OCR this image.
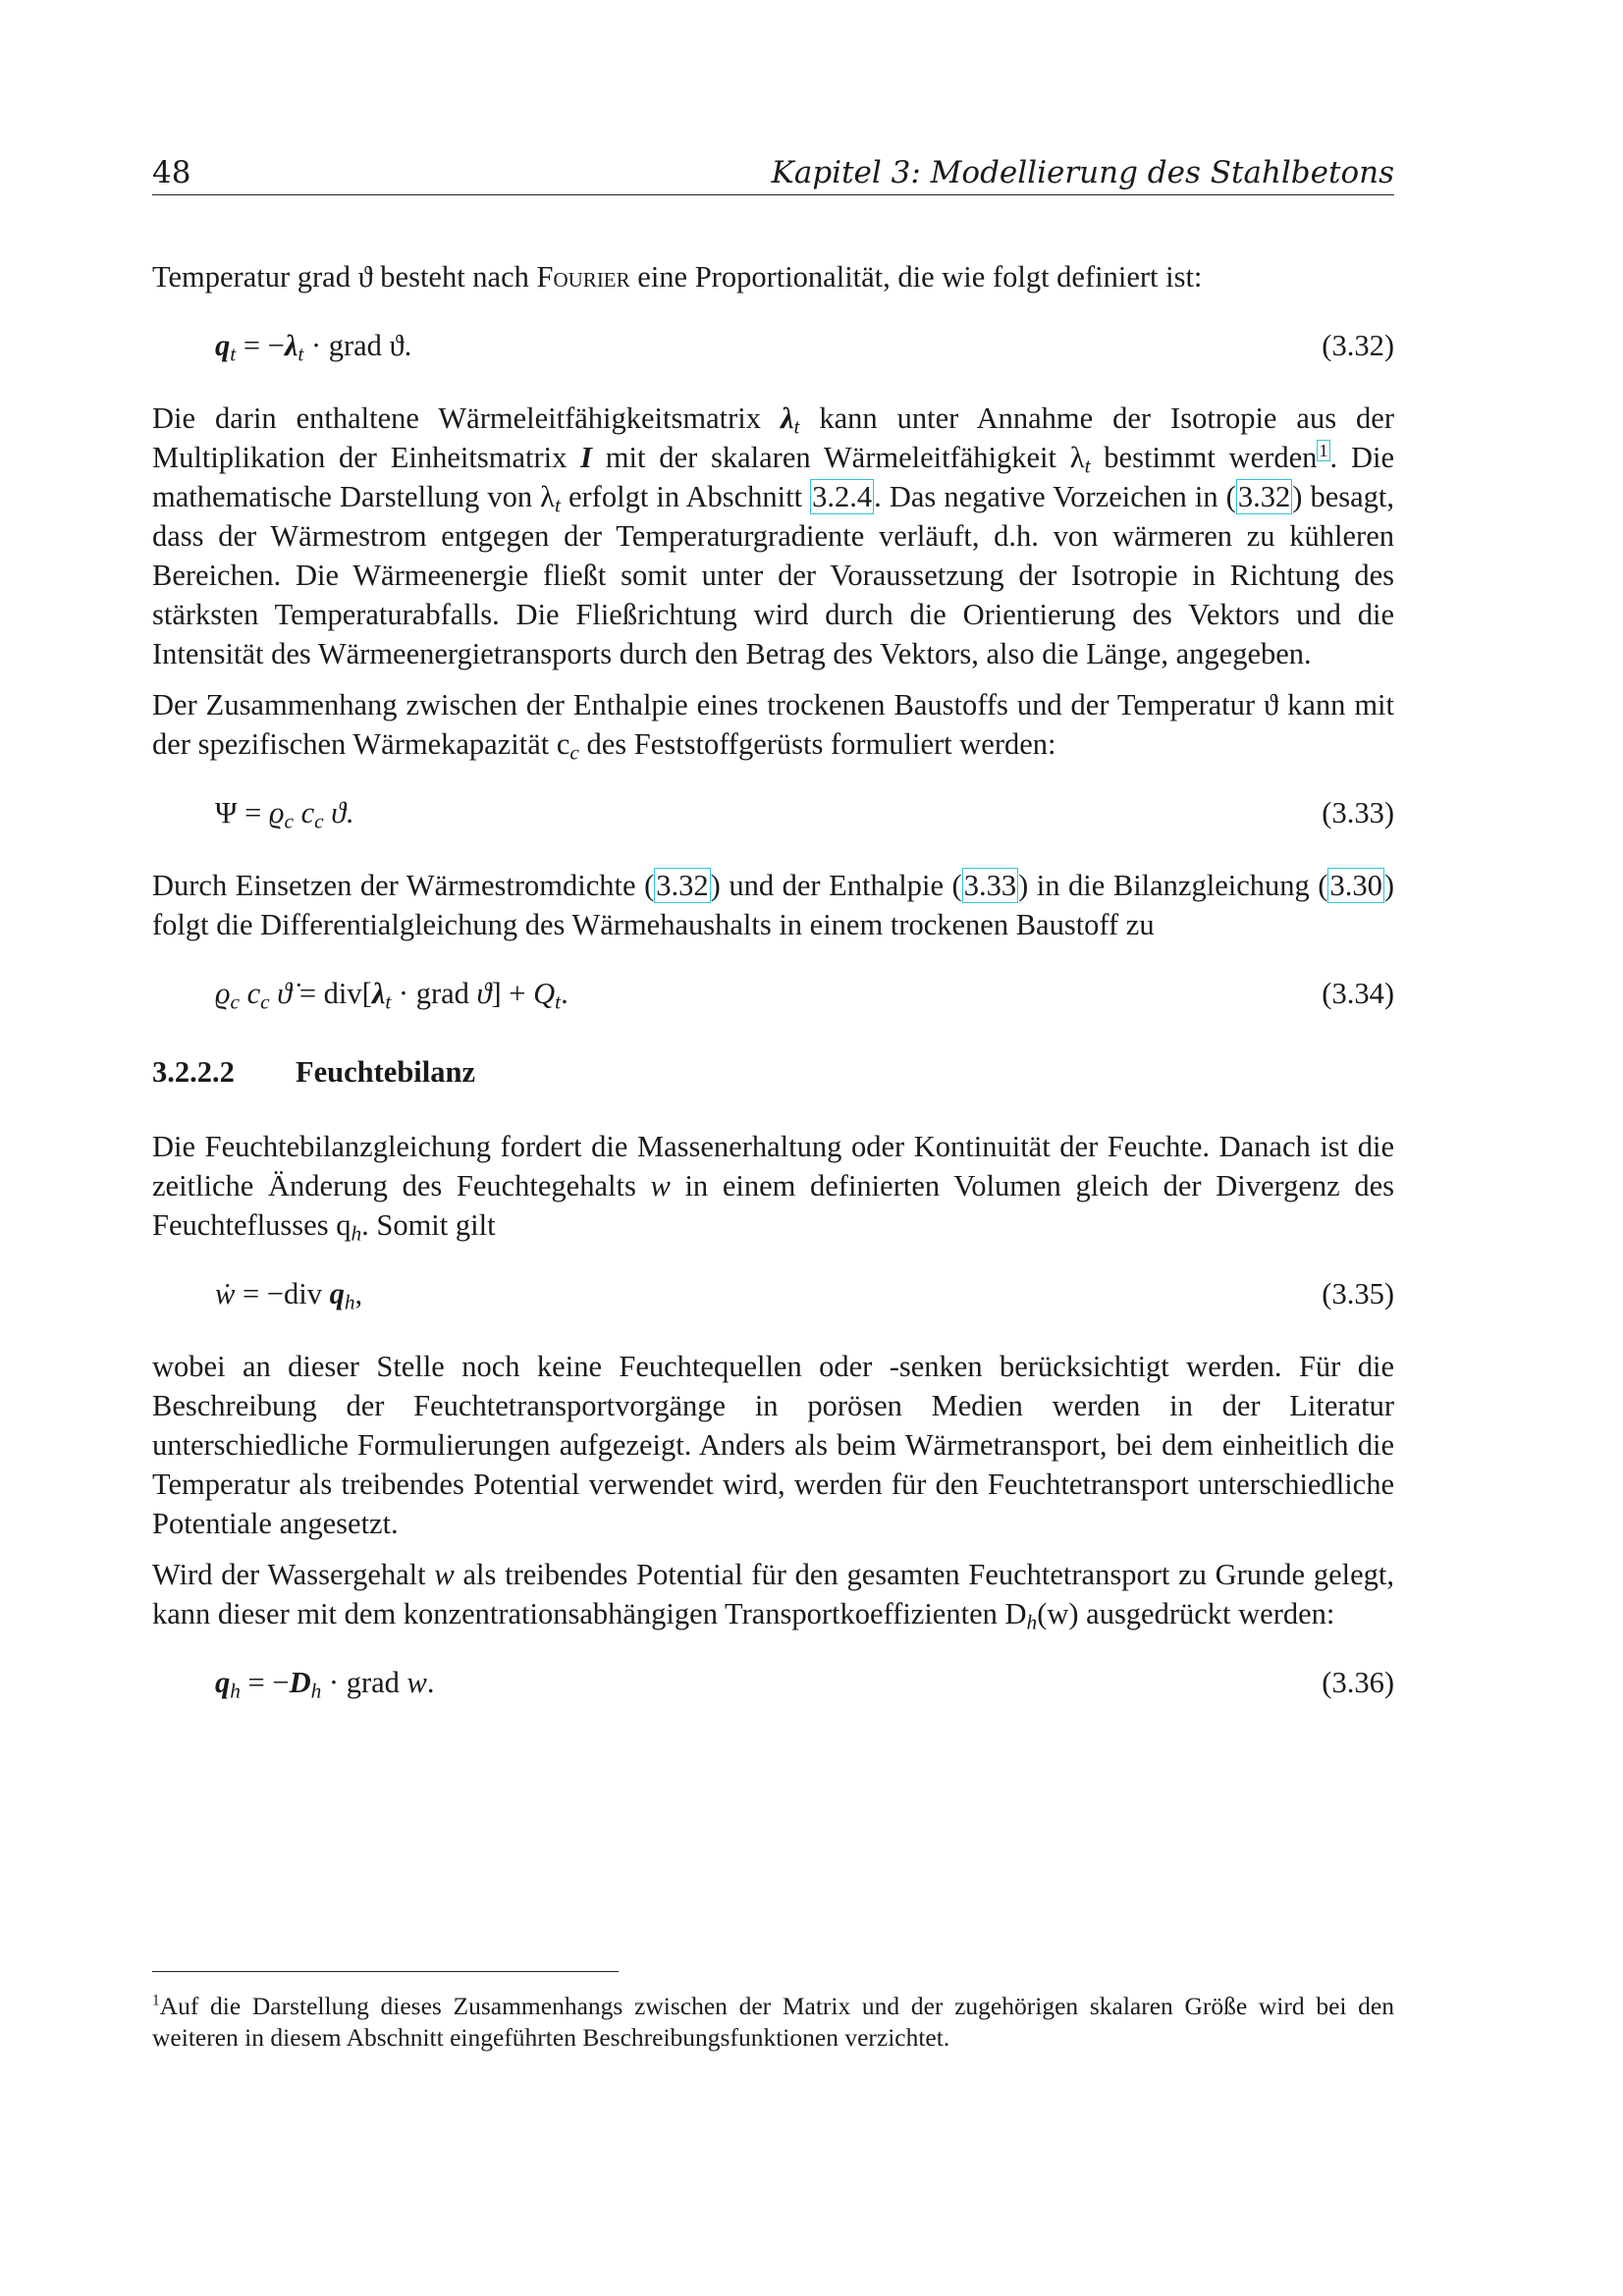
48	Kapitel 3: Modellierung des Stahlbetons

Temperatur grad ϑ besteht nach Fourier eine Proportionalität, die wie folgt definiert ist:

$q_t = -\lambda_t$ · grad ϑ.	(3.32)

Die darin enthaltene Wärmeleitfähigkeitsmatrix $\lambda_t$ kann unter Annahme der Isotropie aus der Multiplikation der Einheitsmatrix I mit der skalaren Wärmeleitfähigkeit $\lambda_t$ bestimmt werden $^1$. Die mathematische Darstellung von $\lambda_t$ erfolgt in Abschnitt 3.2.4. Das negative Vorzeichen in (3.32) besagt, dass der Wärmestrom entgegen der Temperaturgradiente verläuft, d.h. von wärmeren zu kühleren Bereichen. Die Wärmeenergie fließt somit unter der Voraussetzung der Isotropie in Richtung des stärksten Temperaturabfalls. Die Fließrichtung wird durch die Orientierung des Vektors und die Intensität des Wärmeenergietransports durch den Betrag des Vektors, also die Länge, angegeben.

Der Zusammenhang zwischen der Enthalpie eines trockenen Baustoffs und der Temperatur ϑ kann mit der spezifischen Wärmekapazität $c_c$ des Feststoffgerüsts formuliert werden:

$\Psi = ϱ_c$ $c_c$ ϑ.	(3.33)

Durch Einsetzen der Wärmestromdichte (3.32) und der Enthalpie (3.33) in die Bilanzgleichung (3.30) folgt die Differentialgleichung des Wärmehaushalts in einem trockenen Baustoff zu

$ϱ_c$ $c_c$ ϑ̇ = $div[\lambda_t$ · grad $ϑ] + Q_t$.	(3.34)
3.2.2.2 Feuchtebilanz

Die Feuchtebilanzgleichung fordert die Massenerhaltung oder Kontinuität der Feuchte. Danach ist die zeitliche Änderung des Feuchtegehalts w in einem definierten Volumen gleich der Divergenz des Feuchteflusses $q_h$. Somit gilt

ẇ = −div $q_h$,	(3.35)

wobei an dieser Stelle noch keine Feuchtequellen oder -senken berücksichtigt werden. Für die Beschreibung der Feuchtetransportvorgänge in porösen Medien werden in der Literatur unterschiedliche Formulierungen aufgezeigt. Anders als beim Wärmetransport, bei dem einheitlich die Temperatur als treibendes Potential verwendet wird, werden für den Feuchtetransport unterschiedliche Potentiale angesetzt.

Wird der Wassergehalt w als treibendes Potential für den gesamten Feuchtetransport zu Grunde gelegt, kann dieser mit dem konzentrationsabhängigen Transportkoeffizienten $D_h(w)$ ausgedrückt werden:

$q_h = -D_h$ · grad w.	(3.36)
$^1$Auf die Darstellung dieses Zusammenhangs zwischen der Matrix und der zugehörigen skalaren Größe wird bei den weiteren in diesem Abschnitt eingeführten Beschreibungsfunktionen verzichtet.
